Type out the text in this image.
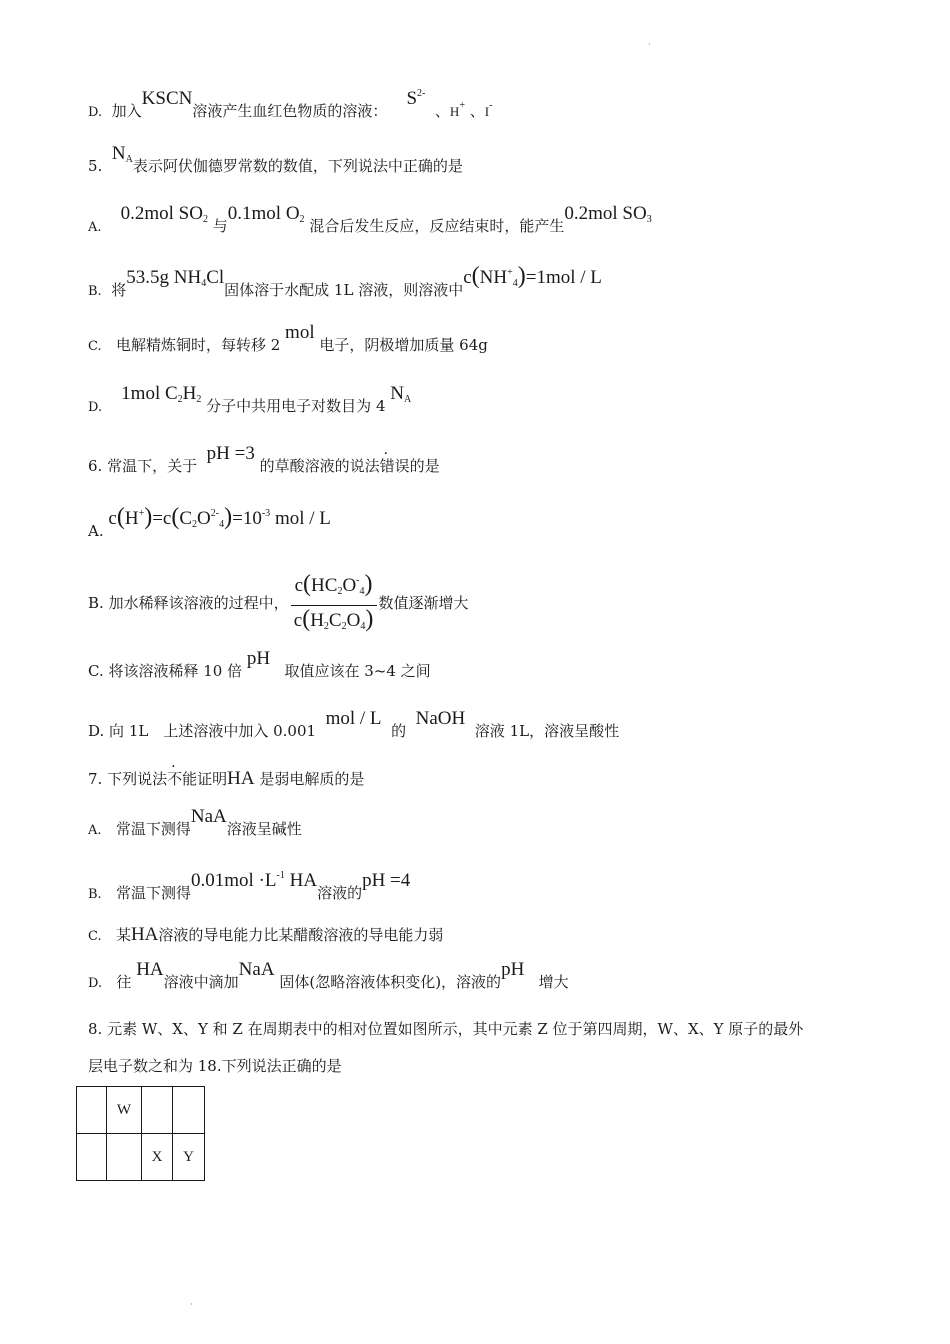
·
D. 加入KSCN溶液产生血红色物质的溶液：    $S^{2-}$  、H+ 、I-
5.  $N_A$表示阿伏伽德罗常数的数值，下列说法中正确的是
A.    0.2mol $SO_2$ 与0.1mol $O_2$ 混合后发生反应，反应结束时，能产生0.2mol $SO_3$
B. 将53.5g $NH_4Cl$固体溶于水配成 1L 溶液，则溶液中$c(NH^+_4)=1mol / L$
C. 电解精炼铜时，每转移 2 mol 电子，阴极增加质量 64g
D.    1mol $C_2H_2$ 分子中共用电子对数目为 4 $N_A$
6. 常温下，关于  pH =3 的草酸溶液的说法错误的是
A. $c(H^+)=c(C_2O^{2-}_4)=10^{-3}$ mol / L
B. 加水稀释该溶液的过程中， $\frac{c(HC_2O^-_4)}{c(H_2C_2O_4)}$ 数值逐渐增大
C. 将该溶液稀释 10 倍 pH   取值应该在 3~4 之间
D. 向 1L　上述溶液中加入 0.001  mol / L  的  NaOH  溶液 1L，溶液呈酸性
7. 下列说法不能证明HA 是弱电解质的是
A. 常温下测得NaA溶液呈碱性
B. 常温下测得$0.01mol \cdot L^{-1}$ HA溶液的pH =4
C. 某HA溶液的导电能力比某醋酸溶液的导电能力弱
D. 往 HA溶液中滴加NaA 固体(忽略溶液体积变化)，溶液的pH   增大
8. 元素 W、X、Y 和 Z 在周期表中的相对位置如图所示，其中元素 Z 位于第四周期，W、X、Y 原子的最外
层电子数之和为 18.下列说法正确的是
	W		
		X	Y
·
